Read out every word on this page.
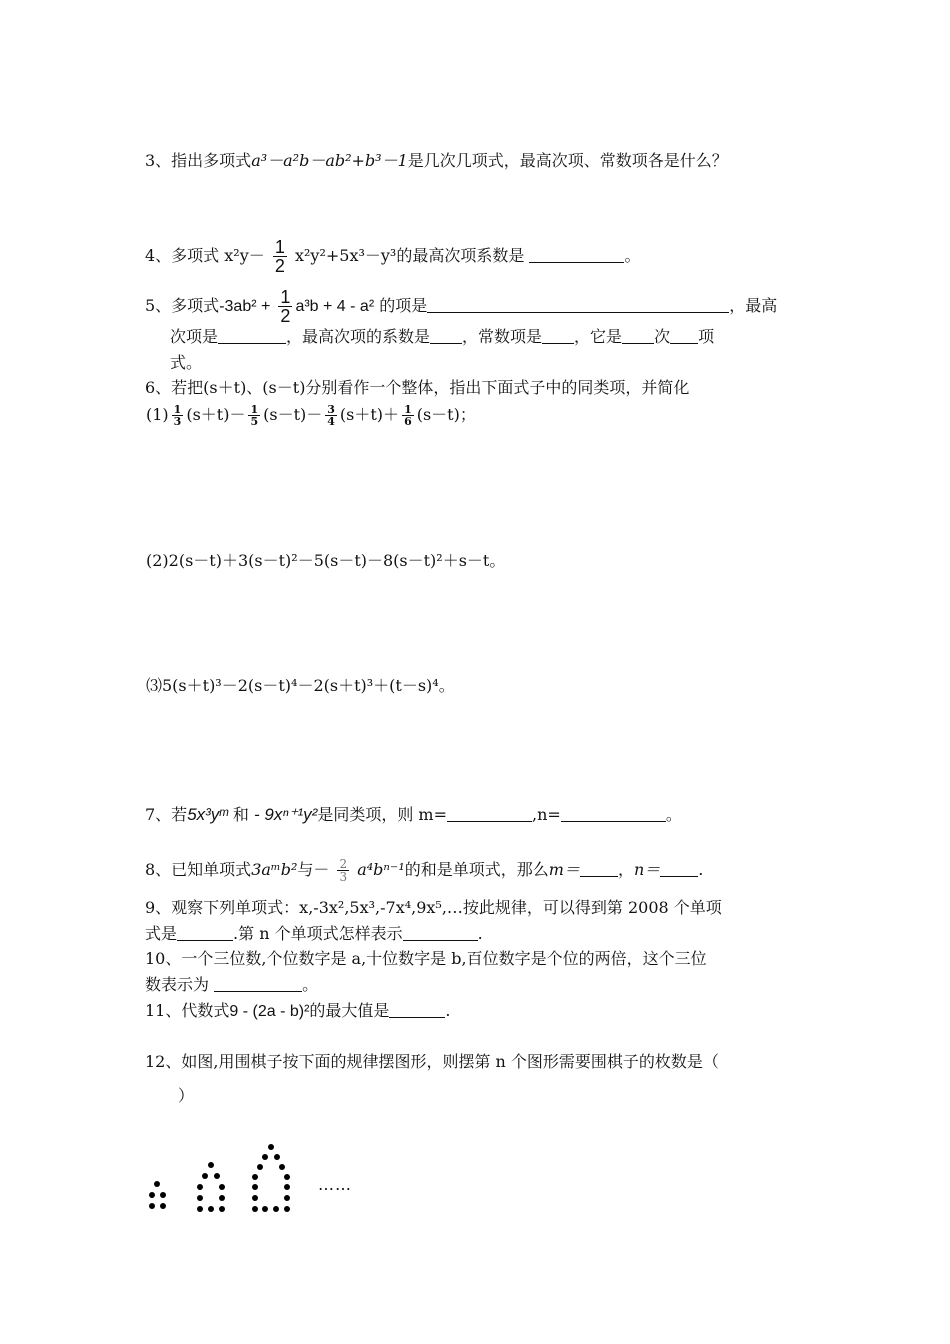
3、指出多项式a³－a²b－ab²+b³－1是几次几项式，最高次项、常数项各是什么？
4、多项式 $x^2y- \frac{1}{2} x^2y^2+5x^3-y^3$的最高次项系数是	。
5、多项式$-3ab^2 + \frac{1}{2} a^3b + 4 - a^2$ 的项是	，最高
次项是	，最高次项的系数是 ，常数项是 ，它是 次 项
式。
6、若把(s＋t)、(s－t)分别看作一个整体，指出下面式子中的同类项，并简化
$(1) \frac{1}{3} (s+t)- \frac{1}{5} (s-t)- \frac{3}{4} (s+t)+ \frac{1}{6} (s-t)$；
(2)2(s－t)＋3(s－t)²－5(s－t)－8(s－t)²＋s－t。
⑶5(s＋t)³－2(s－t)⁴－2(s＋t)³＋(t－s)⁴。
7、若5x³yᵐ 和 - 9xⁿ⁺¹y²是同类项，则 m=	,n=	。
8、已知单项式3aᵐb²与－ $\frac{2}{3} a^4b^{n-1}$的和是单项式，那么m＝ ，n＝ .
9、观察下列单项式：x,-3x²,5x³,-7x⁴,9x⁵,…按此规律，可以得到第 2008 个单项
式是	.第 n 个单项式怎样表示	.
10、一个三位数,个位数字是 a,十位数字是 b,百位数字是个位的两倍，这个三位
数表示为	。
11、代数式9 - (2a - b)²的最大值是	.
12、如图,用围棋子按下面的规律摆图形，则摆第 n 个图形需要围棋子的枚数是（
）
……
